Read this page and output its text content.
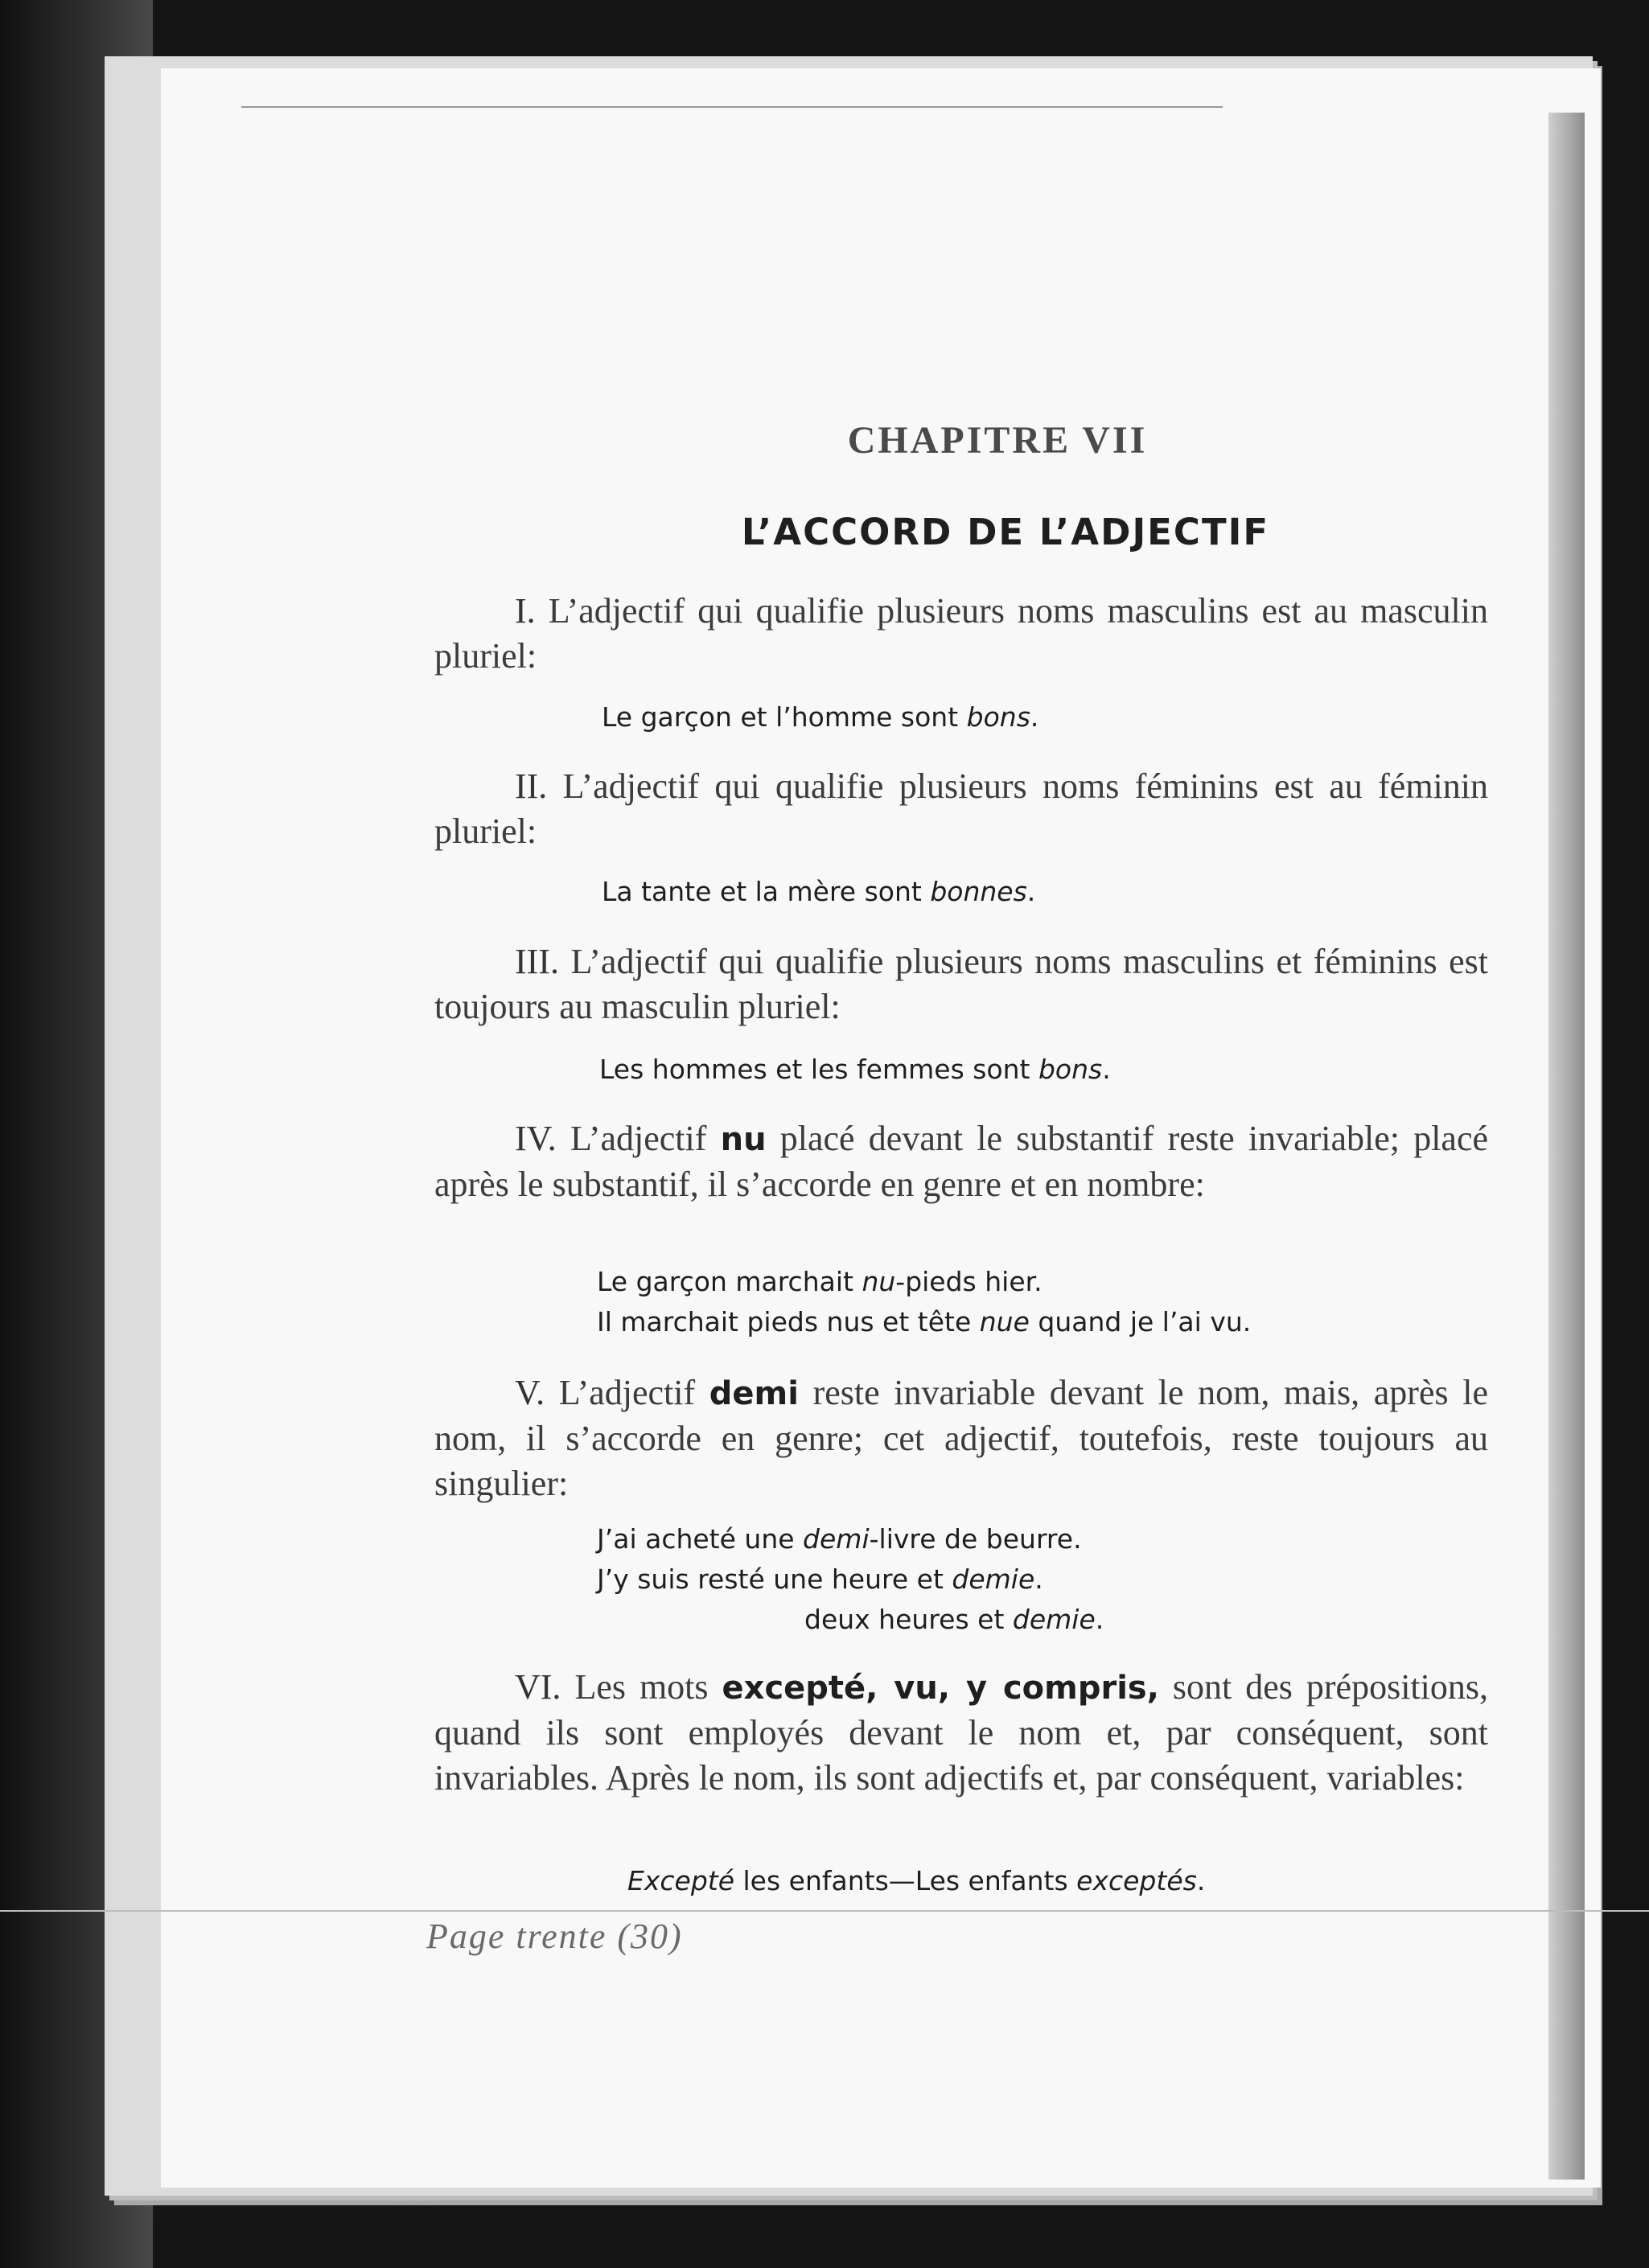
CHAPITRE VII
L’ACCORD DE L’ADJECTIF

I. L’adjectif qui qualifie plusieurs noms masculins est au masculin pluriel:

Le garçon et l’homme sont bons.

II. L’adjectif qui qualifie plusieurs noms féminins est au féminin pluriel:

La tante et la mère sont bonnes.

III. L’adjectif qui qualifie plusieurs noms masculins et féminins est toujours au masculin pluriel:

Les hommes et les femmes sont bons.

IV. L’adjectif nu placé devant le substantif reste invariable; placé après le substantif, il s’accorde en genre et en nombre:

Le garçon marchait nu-pieds hier.

Il marchait pieds nus et tête nue quand je l’ai vu.

V. L’adjectif demi reste invariable devant le nom, mais, après le nom, il s’accorde en genre; cet adjectif, toutefois, reste toujours au singulier:

J’ai acheté une demi-livre de beurre.

J’y suis resté une heure et demie.

deux heures et demie.

VI. Les mots excepté, vu, y compris, sont des prépositions, quand ils sont employés devant le nom et, par conséquent, sont invariables. Après le nom, ils sont adjectifs et, par conséquent, variables:

Excepté les enfants—Les enfants exceptés.

Page trente (30)
